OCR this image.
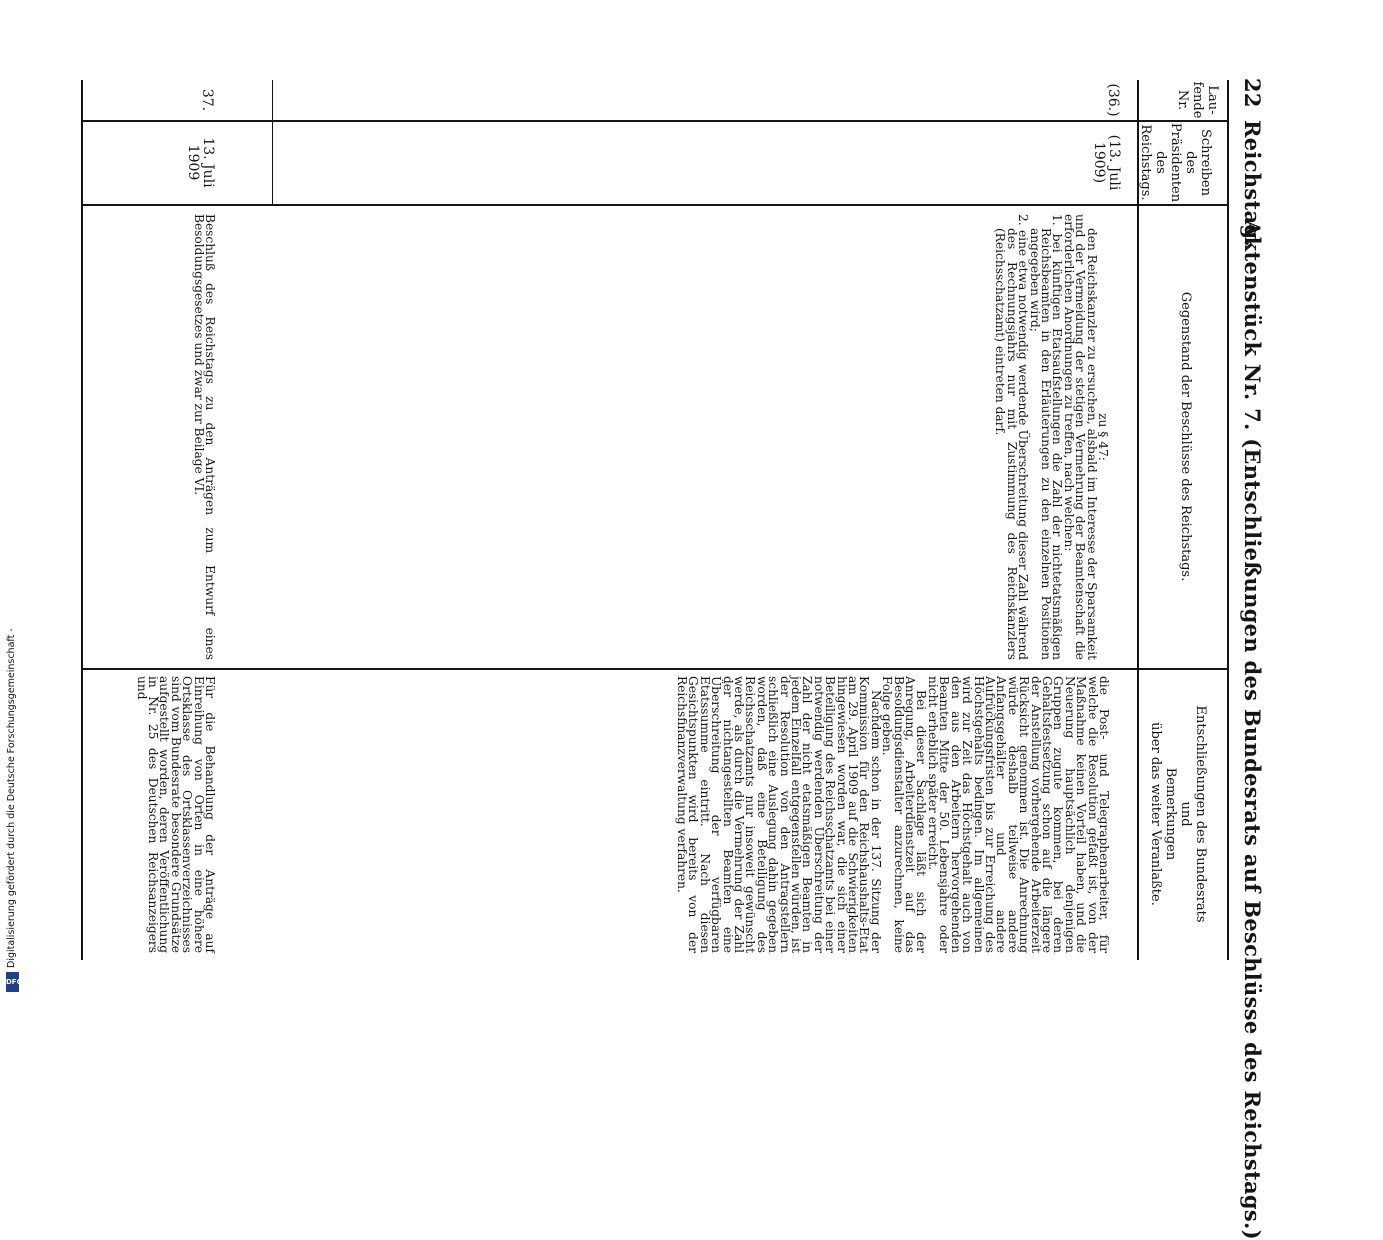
22
Reichstag.
Aktenstück Nr. 7. (Entschließungen des Bundesrats auf Beschlüsse des Reichstags.)
Lau-
fende
Nr.
Schreiben
des
Präsidenten
des
Reichstags.
Gegenstand der Beschlüsse des Reichstags.
Entschließungen des Bundesrats
und
Bemerkungen
über das weiter Veranlaßte.
(36.)
(13. Juli
1909)

zu § 47:

den Reichskanzler zu ersuchen, alsbald im Interesse der Sparsamkeit und der Vermeidung der stetigen Vermehrung der Beamtenschaft die erforderlichen Anordnungen zu treffen, nach welchen:

1. bei künftigen Etatsaufstellungen die Zahl der nichtetatsmäßigen Reichsbeamten in den Erläuterungen zu den einzelnen Positionen angegeben wird;

2. eine etwa notwendig werdende Überschreitung dieser Zahl während des Rechnungsjahrs nur mit Zustimmung des Reichskanzlers (Reichsschatzamt) eintreten darf.

die Post- und Telegraphenarbeiter, für welche die Resolution gefaßt ist, von der Maßnahme keinen Vorteil haben, und die Neuerung hauptsächlich denjenigen Gruppen zugute kommen, bei deren Gehaltsfestsetzung schon auf die längere der Anstellung vorhergehende Arbeiterzeit Rücksicht genommen ist. Die Anrechnung würde deshalb teilweise andere Anfangsgehälter und andere Aufrückungsfristen bis zur Erreichung des Höchstgehalts bedingen. Im allgemeinen wird zur Zeit das Höchstgehalt auch von den aus den Arbeitern hervorgehenden Beamten Mitte der 50. Lebensjahre oder nicht erheblich später erreicht.

Bei dieser Sachlage läßt sich der Anregung, Arbeiterdienstzeit auf das Besoldungsdienstalter anzurechnen, keine Folge geben.

Nachdem schon in der 137. Sitzung der Kommission für den Reichshaushalts-Etat am 29. April 1909 auf die Schwierigkeiten hingewiesen worden war, die sich einer Beteiligung des Reichsschatzamts bei einer notwendig werdenden Überschreitung der Zahl der nicht etatsmäßigen Beamten in jedem Einzelfall entgegenstellen würden, ist der Resolution von den Antragstellern schließlich eine Auslegung dahin gegeben worden, daß eine Beteiligung des Reichsschatzamts nur insoweit gewünscht werde, als durch die Vermehrung der Zahl der nichtangestellten Beamten eine Überschreitung der verfügbaren Etatssumme eintritt. Nach diesen Gesichtspunkten wird bereits von der Reichsfinanzverwaltung verfahren.

37.
13. Juli
1909
Beschluß des Reichstags zu den Anträgen zum Entwurf eines Besoldungsgesetzes und zwar zur Beilage VI.
Für die Behandlung der Anträge auf Einreihung von Orten in eine höhere Ortsklasse des Ortsklassenverzeichnisses sind vom Bundesrate besondere Grundsätze aufgestellt worden, deren Veröffentlichung in Nr. 25 des Deutschen Reichsanzeigers und
Digitalisierung gefördert durch die Deutsche Forschungsgemeinschaft -
DFG
